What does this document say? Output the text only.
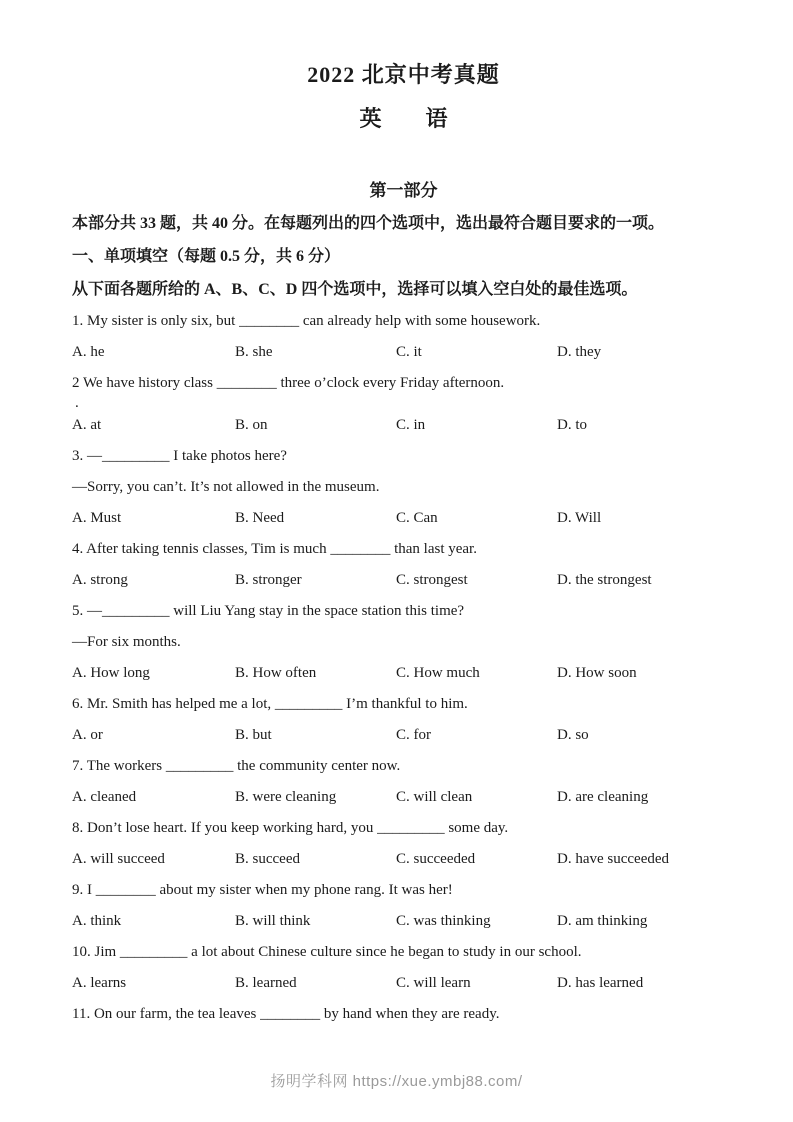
2022 北京中考真题
英　　语
第一部分
本部分共 33 题，共 40 分。在每题列出的四个选项中，选出最符合题目要求的一项。
一、单项填空（每题 0.5 分，共 6 分）
从下面各题所给的 A、B、C、D 四个选项中，选择可以填入空白处的最佳选项。
1. My sister is only six, but ________ can already help with some housework.
A. he	B. she	C. it	D. they
2 We have history class ________ three o’clock every Friday afternoon.
.
A. at	B. on	C. in	D. to
3. —_________ I take photos here?
—Sorry, you can’t. It’s not allowed in the museum.
A. Must	B. Need	C. Can	D. Will
4. After taking tennis classes, Tim is much ________ than last year.
A. strong	B. stronger	C. strongest	D. the strongest
5. —_________ will Liu Yang stay in the space station this time?
—For six months.
A. How long	B. How often	C. How much	D. How soon
6. Mr. Smith has helped me a lot, _________ I’m thankful to him.
A. or	B. but	C. for	D. so
7. The workers _________ the community center now.
A. cleaned	B. were cleaning	C. will clean	D. are cleaning
8. Don’t lose heart. If you keep working hard, you _________ some day.
A. will succeed	B. succeed	C. succeeded	D. have succeeded
9. I ________ about my sister when my phone rang. It was her!
A. think	B. will think	C. was thinking	D. am thinking
10. Jim _________ a lot about Chinese culture since he began to study in our school.
A. learns	B. learned	C. will learn	D. has learned
11. On our farm, the tea leaves ________ by hand when they are ready.
扬明学科网 https://xue.ymbj88.com/
